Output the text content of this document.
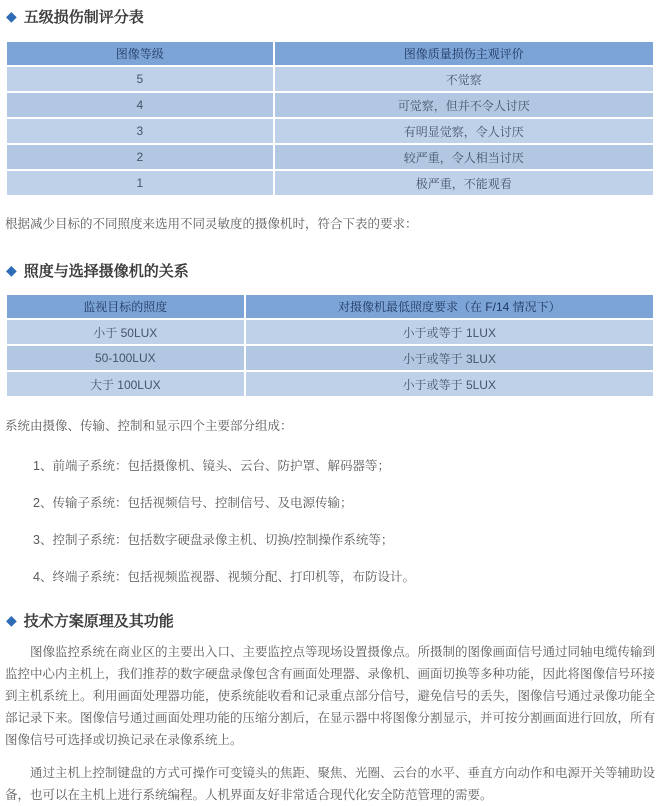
◆ 五级损伤制评分表
图像等级	图像质量损伤主观评价
5	不觉察
4	可觉察，但并不令人讨厌
3	有明显觉察，令人讨厌
2	较严重，令人相当讨厌
1	极严重，不能观看

根据减少目标的不同照度来选用不同灵敏度的摄像机时，符合下表的要求：

◆ 照度与选择摄像机的关系
监视目标的照度	对摄像机最低照度要求（在 F/14 情况下）
小于 50LUX	小于或等于 1LUX
50-100LUX	小于或等于 3LUX
大于 100LUX	小于或等于 5LUX

系统由摄像、传输、控制和显示四个主要部分组成：

1、前端子系统：包括摄像机、镜头、云台、防护罩、解码器等；

2、传输子系统：包括视频信号、控制信号、及电源传输；

3、控制子系统：包括数字硬盘录像主机、切换/控制操作系统等；

4、终端子系统：包括视频监视器、视频分配、打印机等，布防设计。

◆ 技术方案原理及其功能

图像监控系统在商业区的主要出入口、主要监控点等现场设置摄像点。所摄制的图像画面信号通过同轴电缆传输到监控中心内主机上，我们推荐的数字硬盘录像包含有画面处理器、录像机、画面切换等多种功能，因此将图像信号环接到主机系统上。利用画面处理器功能，使系统能收看和记录重点部分信号，避免信号的丢失，图像信号通过录像功能全部记录下来。图像信号通过画面处理功能的压缩分割后，在显示器中将图像分割显示，并可按分割画面进行回放，所有图像信号可选择或切换记录在录像系统上。

通过主机上控制键盘的方式可操作可变镜头的焦距、聚焦、光圈、云台的水平、垂直方向动作和电源开关等辅助设备，也可以在主机上进行系统编程。人机界面友好非常适合现代化安全防范管理的需要。
